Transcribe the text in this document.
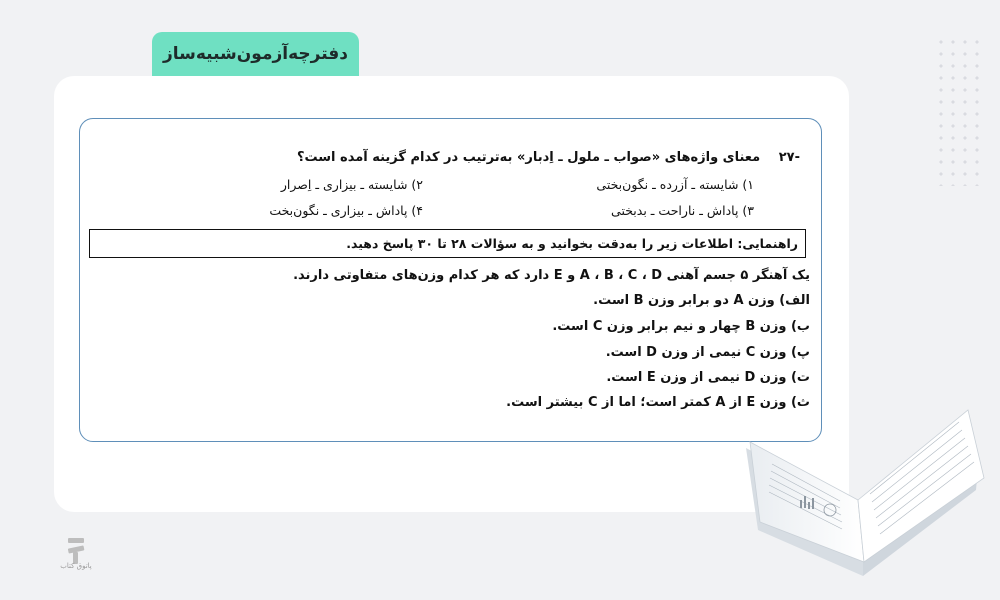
دفترچه‌آزمون‌شبیه‌ساز
-۲۷ معنای واژه‌های «صواب ـ ملول ـ اِدبار» به‌ترتیب در کدام گزینه آمده است؟
۱) شایسته ـ آزرده ـ نگون‌بختی
۲) شایسته ـ بیزاری ـ اِصرار
۳) پاداش ـ ناراحت ـ بدبختی
۴) پاداش ـ بیزاری ـ نگون‌بخت
راهنمایی: اطلاعات زیر را به‌دقت بخوانید و به سؤالات ۲۸ تا ۳۰ پاسخ دهید.
یک آهنگر ۵ جسم آهنی A ، B ، C ، D و E دارد که هر کدام وزن‌های متفاوتی دارند.
الف) وزن A دو برابر وزن B است.
ب) وزن B چهار و نیم برابر وزن C است.
پ) وزن C نیمی از وزن D است.
ت) وزن D نیمی از وزن E است.
ث) وزن E از A کمتر است؛ اما از C بیشتر است.
پاتوق کتاب
